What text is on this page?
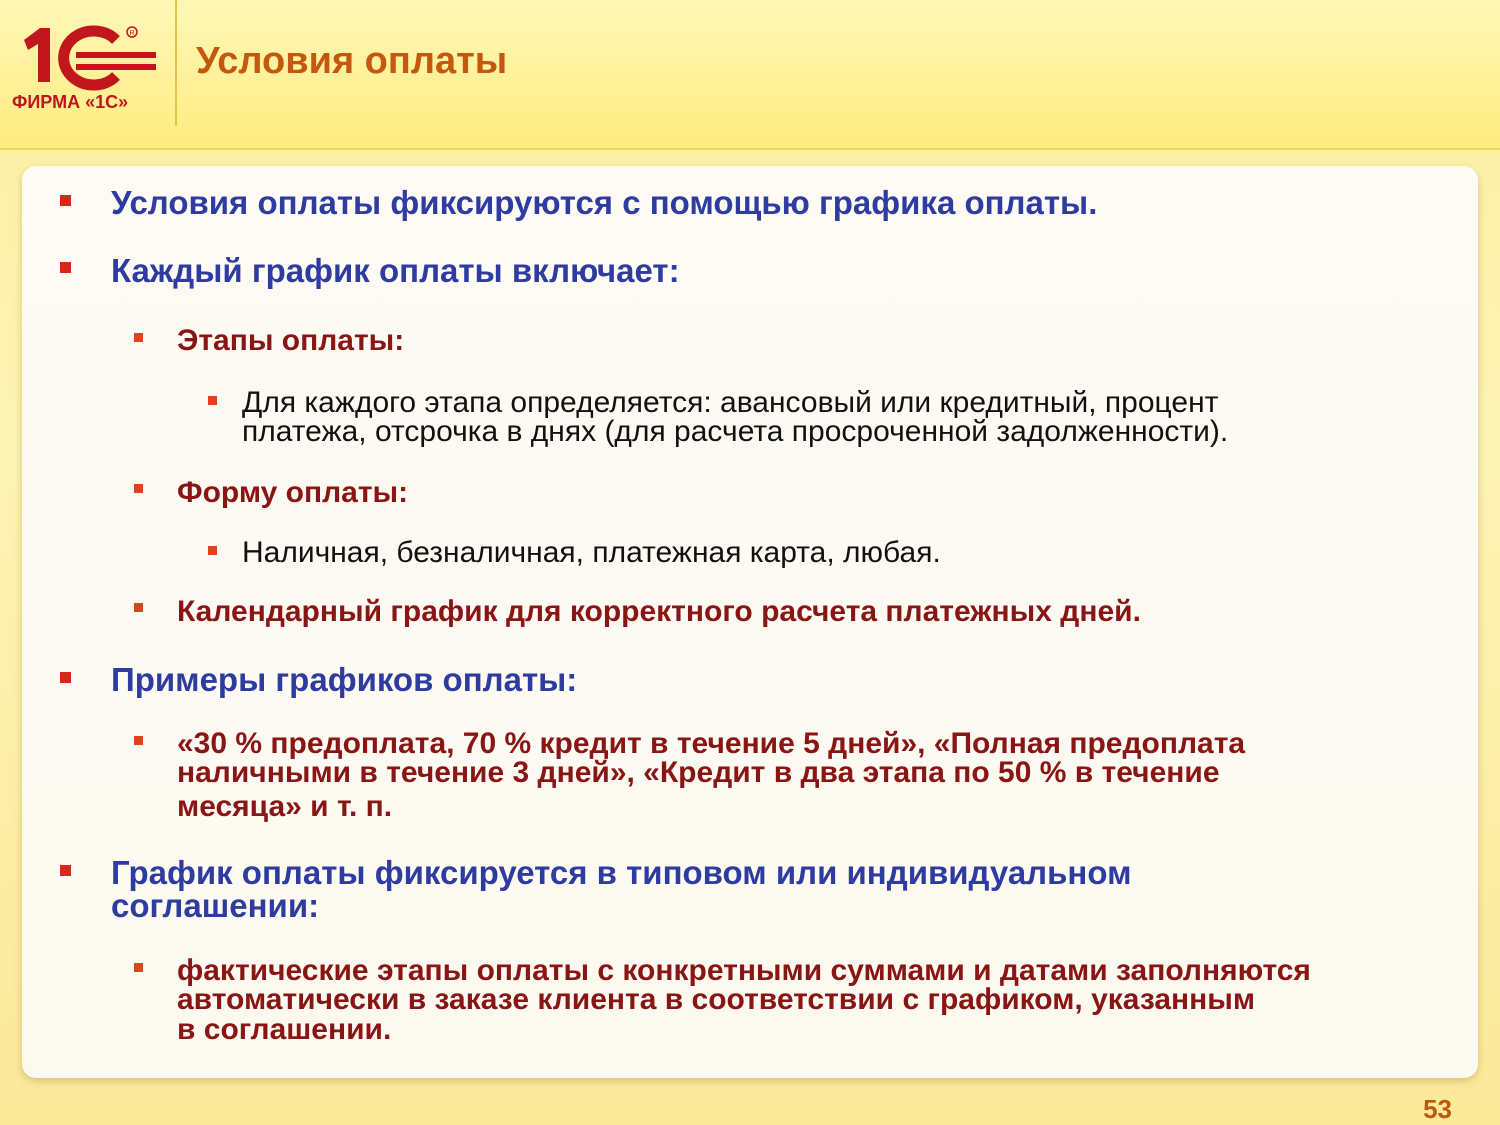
R
ФИРМА «1С»
Условия оплаты
Условия оплаты фиксируются с помощью графика оплаты.
Каждый график оплаты включает:
Этапы оплаты:
Для каждого этапа определяется: авансовый или кредитный, процент
платежа, отсрочка в днях (для расчета просроченной задолженности).
Форму оплаты:
Наличная, безналичная, платежная карта, любая.
Календарный график для корректного расчета платежных дней.
Примеры графиков оплаты:
«30 % предоплата, 70 % кредит в течение 5 дней», «Полная предоплата
наличными в течение 3 дней», «Кредит в два этапа по 50 % в течение
месяца» и т. п.
График оплаты фиксируется в типовом или индивидуальном
соглашении:
фактические этапы оплаты с конкретными суммами и датами заполняются
автоматически в заказе клиента в соответствии с графиком, указанным
в соглашении.
53
